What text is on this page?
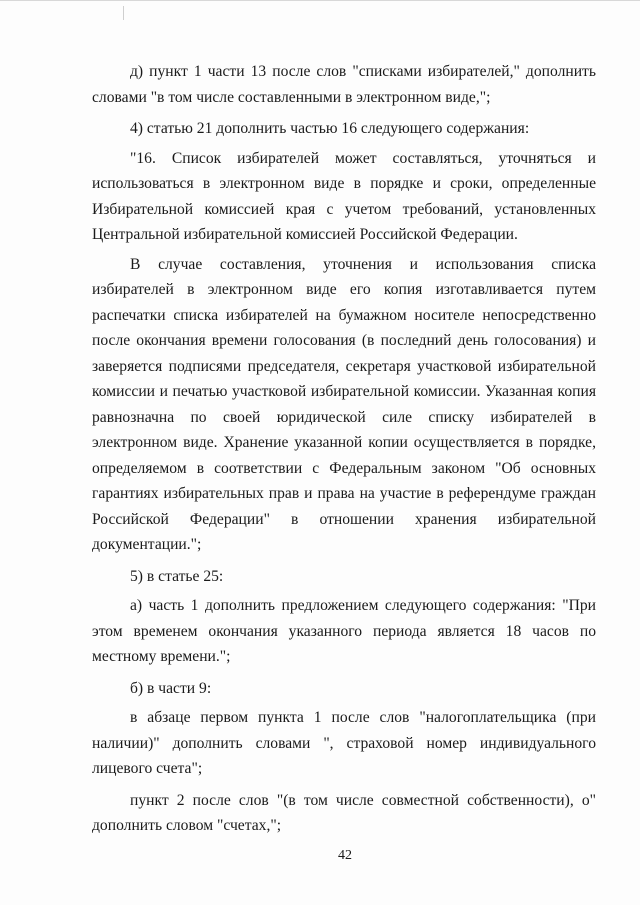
д) пункт 1 части 13 после слов "списками избирателей," дополнить словами "в том числе составленными в электронном виде,";

4) статью 21 дополнить частью 16 следующего содержания:

"16. Список избирателей может составляться, уточняться и использоваться в электронном виде в порядке и сроки, определенные Избирательной комиссией края с учетом требований, установленных Центральной избирательной комиссией Российской Федерации.

В случае составления, уточнения и использования списка избирателей в электронном виде его копия изготавливается путем распечатки списка избирателей на бумажном носителе непосредственно после окончания времени голосования (в последний день голосования) и заверяется подписями председателя, секретаря участковой избирательной комиссии и печатью участковой избирательной комиссии. Указанная копия равнозначна по своей юридической силе списку избирателей в электронном виде. Хранение указанной копии осуществляется в порядке, определяемом в соответствии с Федеральным законом "Об основных гарантиях избирательных прав и права на участие в референдуме граждан Российской Федерации" в отношении хранения избирательной документации.";

5) в статье 25:

а) часть 1 дополнить предложением следующего содержания: "При этом временем окончания указанного периода является 18 часов по местному времени.";

б) в части 9:

в абзаце первом пункта 1 после слов "налогоплательщика (при наличии)" дополнить словами ", страховой номер индивидуального лицевого счета";

пункт 2 после слов "(в том числе совместной собственности), о" дополнить словом "счетах,";

42
